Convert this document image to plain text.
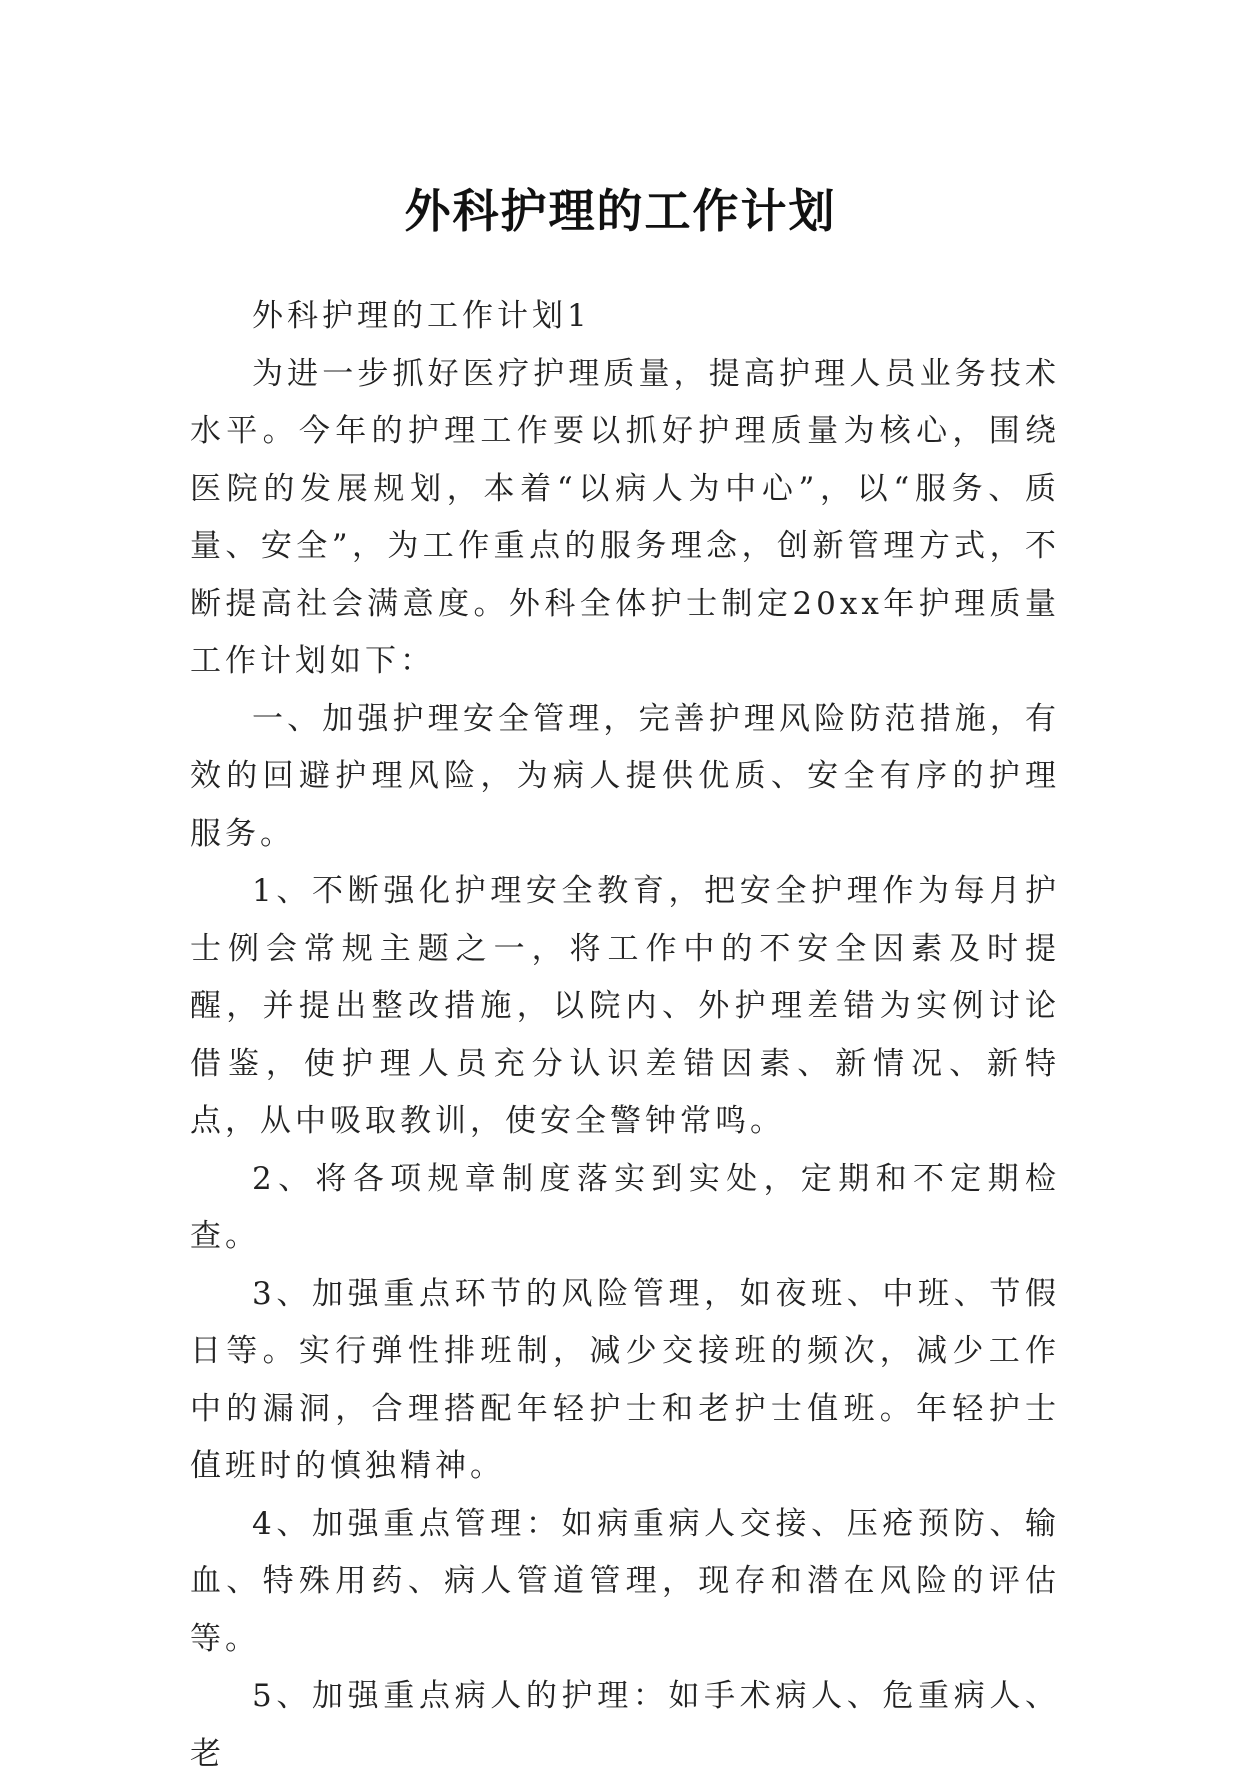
外科护理的工作计划

外科护理的工作计划1

为进一步抓好医疗护理质量，提高护理人员业务技术水平。今年的护理工作要以抓好护理质量为核心，围绕医院的发展规划，本着“以病人为中心”，以“服务、质量、安全”，为工作重点的服务理念，创新管理方式，不断提高社会满意度。外科全体护士制定20xx年护理质量工作计划如下：

一、加强护理安全管理，完善护理风险防范措施，有效的回避护理风险，为病人提供优质、安全有序的护理服务。

1、不断强化护理安全教育，把安全护理作为每月护士例会常规主题之一，将工作中的不安全因素及时提醒，并提出整改措施，以院内、外护理差错为实例讨论借鉴，使护理人员充分认识差错因素、新情况、新特点，从中吸取教训，使安全警钟常鸣。

2、将各项规章制度落实到实处，定期和不定期检查。

3、加强重点环节的风险管理，如夜班、中班、节假日等。实行弹性排班制，减少交接班的频次，减少工作中的漏洞，合理搭配年轻护士和老护士值班。年轻护士值班时的慎独精神。

4、加强重点管理：如病重病人交接、压疮预防、输血、特殊用药、病人管道管理，现存和潜在风险的评估等。

5、加强重点病人的护理：如手术病人、危重病人、老
